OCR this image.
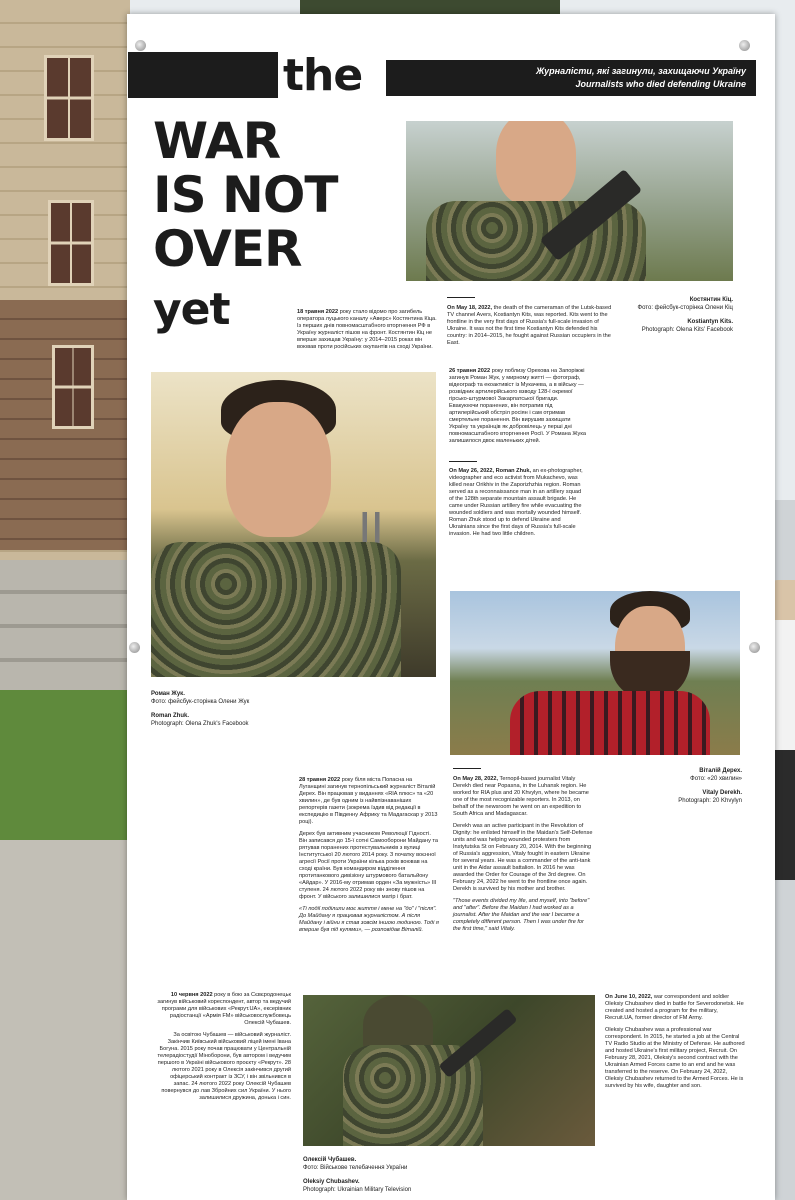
the
WAR
IS NOT
OVER
yet
Журналісти, які загинули, захищаючи Україну
Journalists who died defending Ukraine
18 травня 2022 року стало відомо про загибель оператора луцького каналу «Аверс» Костянтина Кіца. Із перших днів повномасштабного вторгнення РФ в Україну журналіст пішов на фронт. Костянтин Кіц не вперше захищав Україну: у 2014–2015 роках він воював проти російських окупантів на сході України.
On May 18, 2022, the death of the cameraman of the Lutsk-based TV channel Avers, Kostiantyn Kits, was reported. Kits went to the frontline in the very first days of Russia's full-scale invasion of Ukraine. It was not the first time Kostiantyn Kits defended his country: in 2014–2015, he fought against Russian occupiers in the East.
Костянтин Кіц.
Фото: фейсбук-сторінка Олени Кіц
Kostiantyn Kits.
Photograph: Olena Kits' Facebook
26 травня 2022 року поблизу Орехова на Запоріжжі загинув Роман Жук, у мирному житті — фотограф, відеограф та екоактивіст із Мукачева, а в війську — розвідник артилерійського взводу 128-ї окремої гірсько-штурмової Закарпатської бригади. Евакуюючи поранених, він потрапив під артилерійський обстріл росіян і сам отримав смертельне поранення. Він вирушив захищати Україну та українців як добровілець у перші дні повномасштабного вторгнення Росії. У Романа Жука залишилося двоє маленьких дітей.
On May 26, 2022, Roman Zhuk, an ex-photographer, videographer and eco activist from Mukachevo, was killed near Orikhiv in the Zaporizhzhia region. Roman served as a reconnaissance man in an artillery squad of the 128th separate mountain assault brigade. He came under Russian artillery fire while evacuating the wounded soldiers and was mortally wounded himself. Roman Zhuk stood up to defend Ukraine and Ukrainians since the first days of Russia's full-scale invasion. He had two little children.
Роман Жук.
Фото: фейсбук-сторінка Олени Жук
Roman Zhuk.
Photograph: Olena Zhuk's Facebook
Віталій Дерех.
Фото: «20 хвилин»
Vitaly Derekh.
Photograph: 20 Khvylyn
28 травня 2022 року біля міста Попасна на Луганщині загинув тернопільський журналіст Віталій Дерех. Він працював у виданнях «RIA плюс» та «20 хвилин», де був одним із найвпізнаваніших репортерів газети (зокрема їздив від редакції в експедицію в Південну Африку та Мадагаскар у 2013 році).
Дерех був активним учасником Революції Гідності. Він записався до 15-ї сотні Самооборони Майдану та рятував поранених протестувальників з вулиці Інститутської 20 лютого 2014 року. З початку воєнної агресії Росії проти України кілька років воював на сході країни. Був командиром відділення протитанкового дивізіону штурмового батальйону «Айдар». У 2016-му отримав орден «За мужність» III ступеня. 24 лютого 2022 року він знову пішов на фронт. У війського залишилися матір і брат.
«Ті події поділили моє життя і мене на "до" і "після". До Майдану я працював журналістом. А після Майдану і війни я став зовсім іншою людиною. Тоді я вперше був під кулями», — розповідав Віталій.
On May 28, 2022, Ternopil-based journalist Vitaly Derekh died near Popasna, in the Luhansk region. He worked for RIA plus and 20 Khvylyn, where he became one of the most recognizable reporters. In 2013, on behalf of the newsroom he went on an expedition to South Africa and Madagascar.
Derekh was an active participant in the Revolution of Dignity: he enlisted himself in the Maidan's Self-Defense units and was helping wounded protesters from Instytutska St on February 20, 2014. With the beginning of Russia's aggression, Vitaly fought in eastern Ukraine for several years. He was a commander of the anti-tank unit in the Aidar assault battalion. In 2016 he was awarded the Order for Courage of the 3rd degree. On February 24, 2022 he went to the frontline once again. Derekh is survived by his mother and brother.
"Those events divided my life, and myself, into "before" and "after". Before the Maidan I had worked as a journalist. After the Maidan and the war I became a completely different person. Then I was under fire for the first time," said Vitaly.
10 червня 2022 року в бою за Сєвєродонецьк загинув військовий кореспондент, автор та ведучий програми для військових «Рекрут.UA», ексерівник радіостанції «Армія FM» військовослужбовець Олексій Чубашев.
За освітою Чубашев — військовий журналіст. Закінчив Київський військовий ліцей імені Івана Богуна. 2015 року почав працювати у Центральній телерадіостудії Міноборони, був автором і ведучим першого в Україні військового проєкту «Рекрут». 28 лютого 2021 року в Олексія закінчився другий офіцерський контракт із ЗСУ, і він звільнився в запас. 24 лютого 2022 року Олексій Чубашев повернувся до лав Збройних сил України. У нього залишилися дружина, донька і син.
On June 10, 2022, war correspondent and soldier Oleksiy Chubashev died in battle for Severodonetsk. He created and hosted a program for the military, Recruit.UA, former director of FM Army.
Oleksiy Chubashev was a professional war correspondent. In 2015, he started a job at the Central TV Radio Studio at the Ministry of Defense. He authored and hosted Ukraine's first military project, Recruit. On February 28, 2021, Oleksiy's second contract with the Ukrainian Armed Forces came to an end and he was transferred to the reserve. On February 24, 2022, Oleksiy Chubashev returned to the Armed Forces. He is survived by his wife, daughter and son.
Олексій Чубашев.
Фото: Військове телебачення України
Oleksiy Chubashev.
Photograph: Ukrainian Military Television
